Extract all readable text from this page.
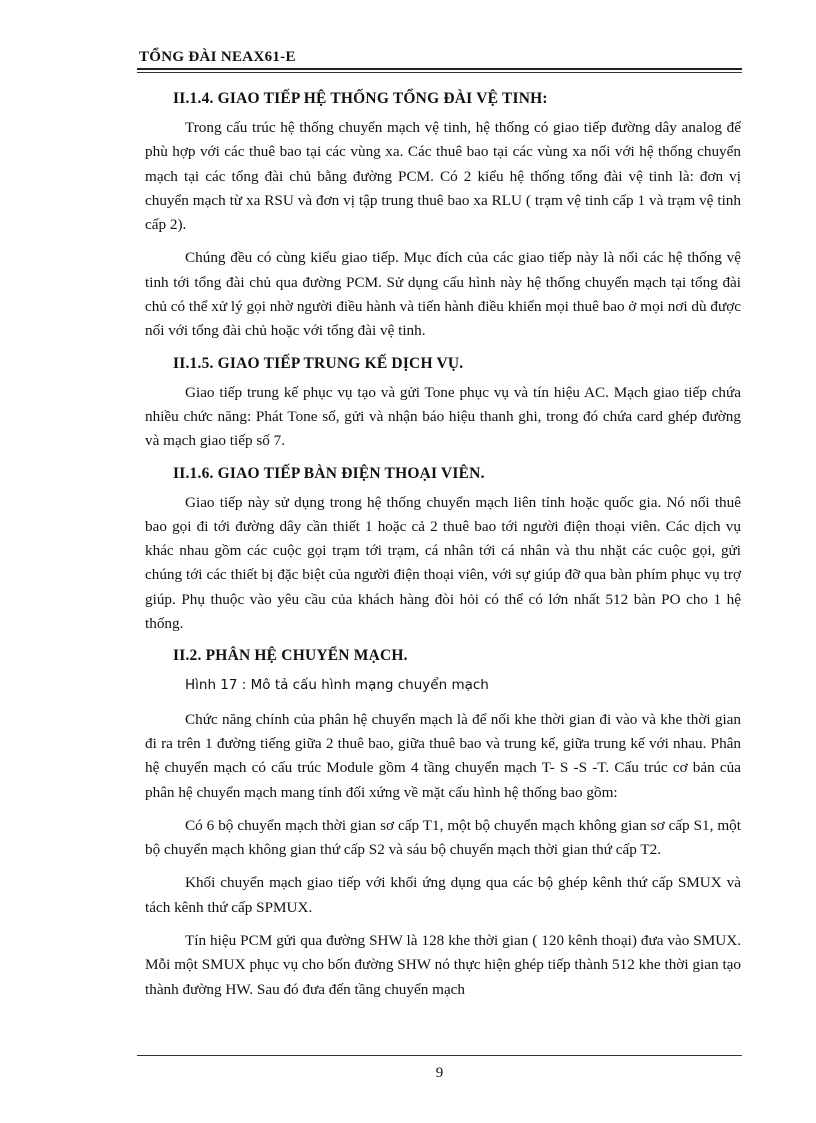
TỔNG ĐÀI NEAX61-E
II.1.4. GIAO TIẾP HỆ THỐNG TỔNG ĐÀI VỆ TINH:

Trong cấu trúc hệ thống chuyển mạch vệ tinh, hệ thống có giao tiếp đường dây analog để phù hợp với các thuê bao tại các vùng xa. Các thuê bao tại các vùng xa nối với hệ thống chuyển mạch tại các tổng đài chủ bằng đường PCM. Có 2 kiểu hệ thống tổng đài vệ tinh là: đơn vị chuyển mạch từ xa RSU và đơn vị tập trung thuê bao xa RLU ( trạm vệ tinh cấp 1 và trạm vệ tinh cấp 2).

Chúng đều có cùng kiểu giao tiếp. Mục đích của các giao tiếp này là nối các hệ thống vệ tinh tới tổng đài chủ qua đường PCM. Sử dụng cấu hình này hệ thống chuyển mạch tại tổng đài chủ có thể xử lý gọi nhờ người điều hành và tiến hành điều khiển mọi thuê bao ở mọi nơi dù được nối với tổng đài chủ hoặc với tổng đài vệ tinh.

II.1.5. GIAO TIẾP TRUNG KẾ DỊCH VỤ.

Giao tiếp trung kế phục vụ tạo và gửi Tone phục vụ và tín hiệu AC. Mạch giao tiếp chứa nhiều chức năng: Phát Tone số, gửi và nhận báo hiệu thanh ghi, trong đó chứa card ghép đường và mạch giao tiếp số 7.

II.1.6. GIAO TIẾP BÀN ĐIỆN THOẠI VIÊN.

Giao tiếp này sử dụng trong hệ thống chuyển mạch liên tỉnh hoặc quốc gia. Nó nối thuê bao gọi đi tới đường dây cần thiết 1 hoặc cả 2 thuê bao tới người điện thoại viên. Các dịch vụ khác nhau gồm các cuộc gọi trạm tới trạm, cá nhân tới cá nhân và thu nhặt các cuộc gọi, gửi chúng tới các thiết bị đặc biệt của người điện thoại viên, với sự giúp đỡ qua bàn phím phục vụ trợ giúp. Phụ thuộc vào yêu cầu của khách hàng đòi hỏi có thể có lớn nhất 512 bàn PO cho 1 hệ thống.

II.2. PHÂN HỆ CHUYỂN MẠCH.

Hình 17 : Mô tả cấu hình mạng chuyển mạch

Chức năng chính của phân hệ chuyển mạch là để nối khe thời gian đi vào và khe thời gian đi ra trên 1 đường tiếng giữa 2 thuê bao, giữa thuê bao và trung kế, giữa trung kế với nhau. Phân hệ chuyển mạch có cấu trúc Module gồm 4 tầng chuyển mạch T- S -S -T. Cấu trúc cơ bản của phân hệ chuyển mạch mang tính đối xứng về mặt cấu hình hệ thống bao gồm:

Có 6 bộ chuyển mạch thời gian sơ cấp T1, một bộ chuyển mạch không gian sơ cấp S1, một bộ chuyển mạch không gian thứ cấp S2 và sáu bộ chuyển mạch thời gian thứ cấp T2.

Khối chuyển mạch giao tiếp với khối ứng dụng qua các bộ ghép kênh thứ cấp SMUX và tách kênh thứ cấp SPMUX.

Tín hiệu PCM gửi qua đường SHW là 128 khe thời gian ( 120 kênh thoại) đưa vào SMUX. Mỗi một SMUX phục vụ cho bốn đường SHW nó thực hiện ghép tiếp thành 512 khe thời gian tạo thành đường HW. Sau đó đưa đến tầng chuyển mạch

9
